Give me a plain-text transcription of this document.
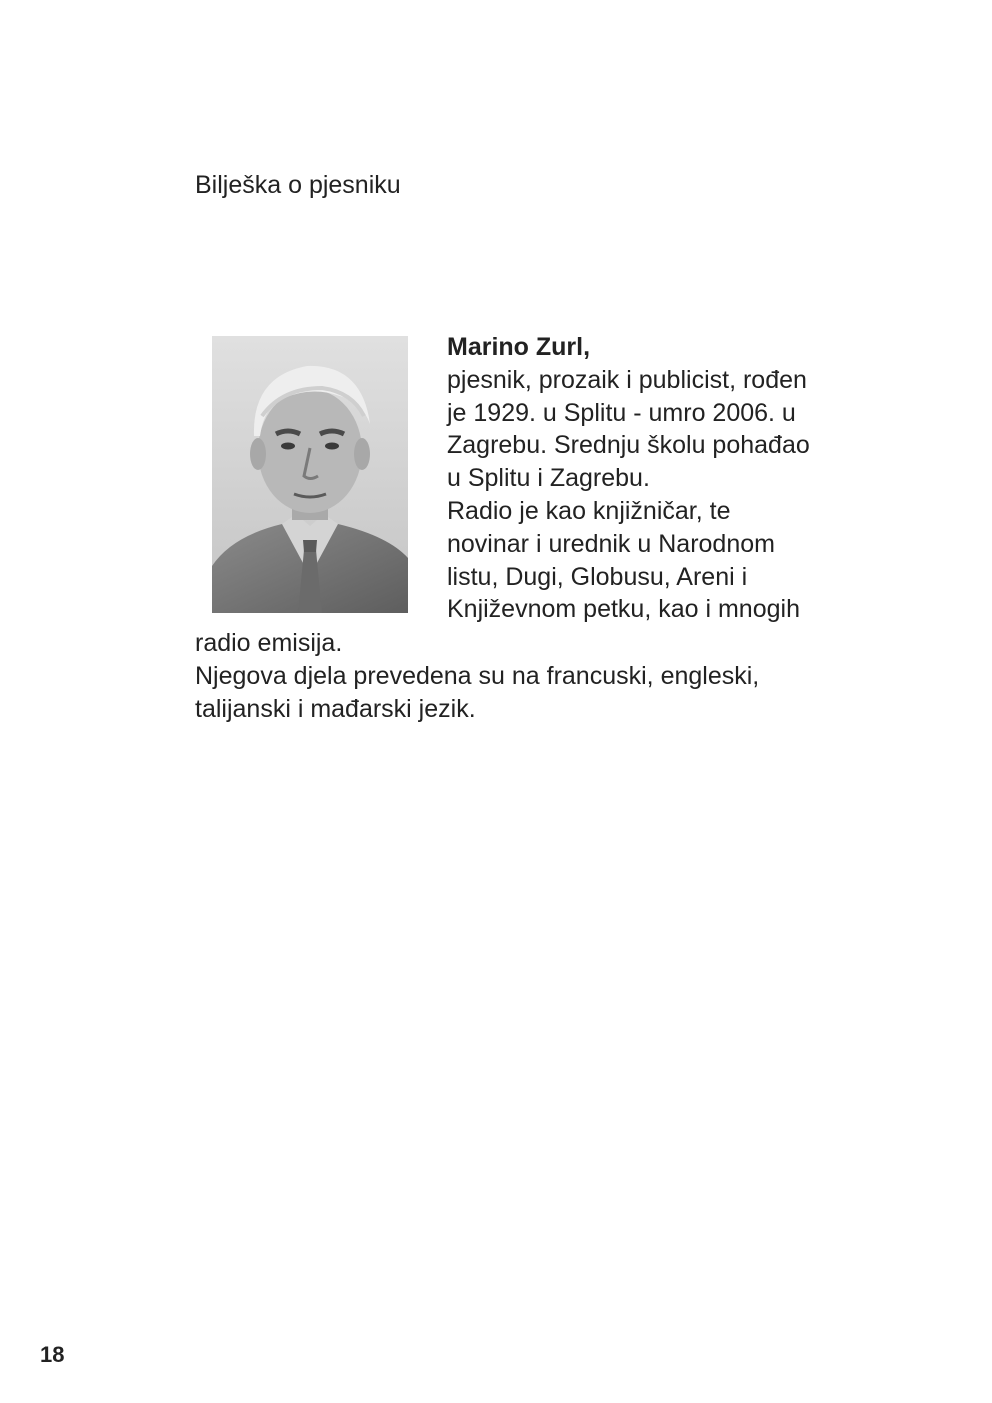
Bilješka o pjesniku
Marino Zurl,
pjesnik, prozaik i publicist, rođen
je 1929. u Splitu - umro 2006. u
Zagrebu. Srednju školu pohađao
u Splitu i Zagrebu.
Radio je kao knjižničar, te
novinar i urednik u Narodnom
listu, Dugi, Globusu, Areni i
Književnom petku, kao i mnogih
radio emisija.
Njegova djela prevedena su na francuski, engleski,
talijanski i mađarski jezik.
18
